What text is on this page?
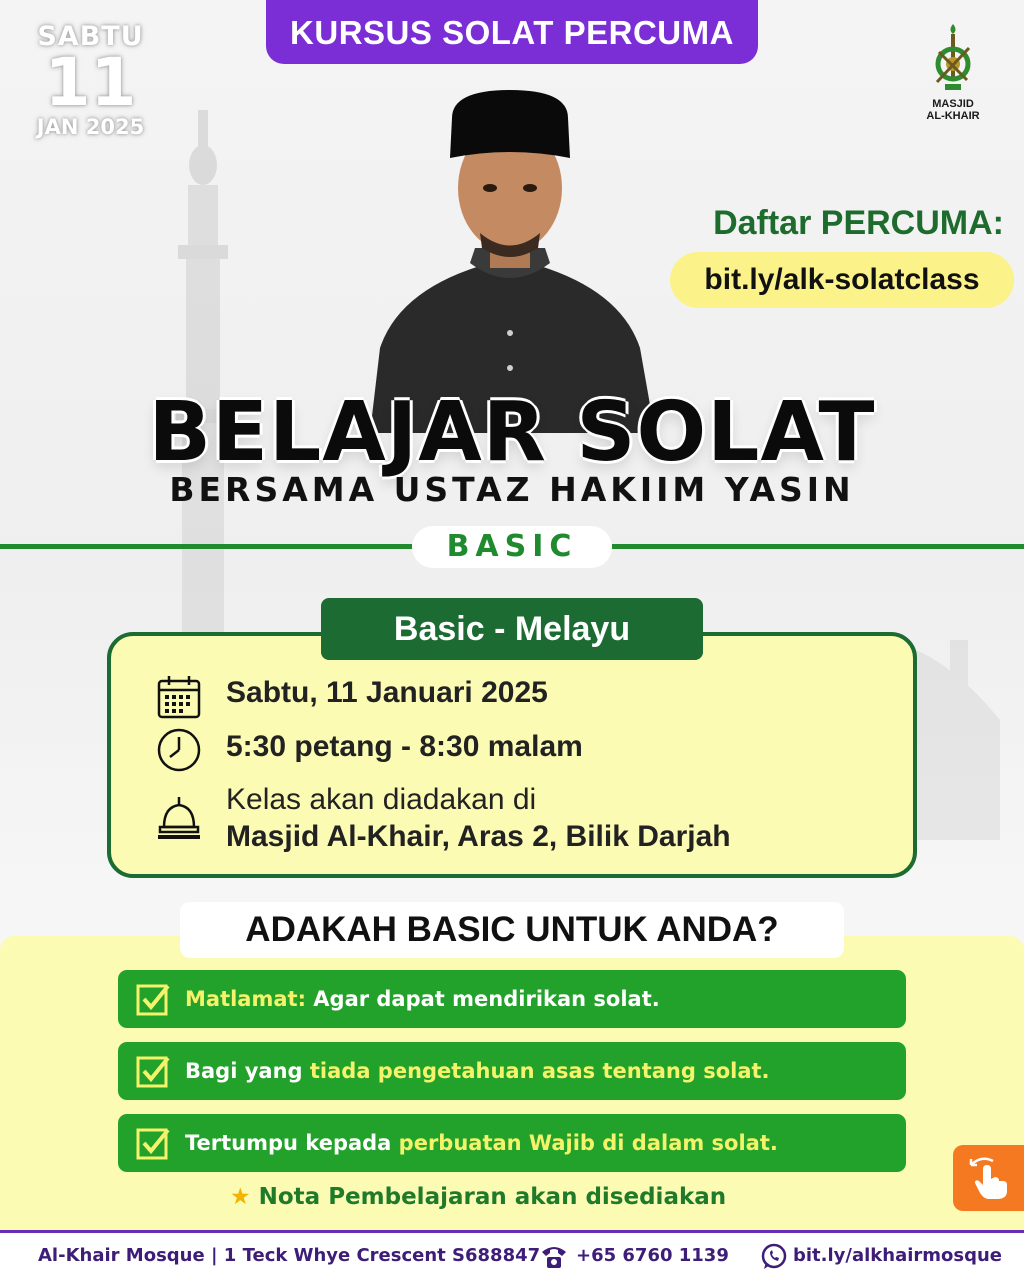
SABTU
11
JAN 2025
KURSUS SOLAT PERCUMA
MASJID
AL-KHAIR
Daftar PERCUMA:
bit.ly/alk-solatclass
BELAJAR SOLAT
BERSAMA USTAZ HAKIIM YASIN
BASIC
Basic - Melayu
Sabtu, 11 Januari 2025
5:30 petang - 8:30 malam
Kelas akan diadakan di
Masjid Al-Khair, Aras 2, Bilik Darjah
ADAKAH BASIC UNTUK ANDA?
Matlamat: Agar dapat mendirikan solat.
Bagi yang tiada pengetahuan asas tentang solat.
Tertumpu kepada perbuatan Wajib di dalam solat.
★ Nota Pembelajaran akan disediakan
Al-Khair Mosque | 1 Teck Whye Crescent S688847 +65 6760 1139	bit.ly/alkhairmosque
